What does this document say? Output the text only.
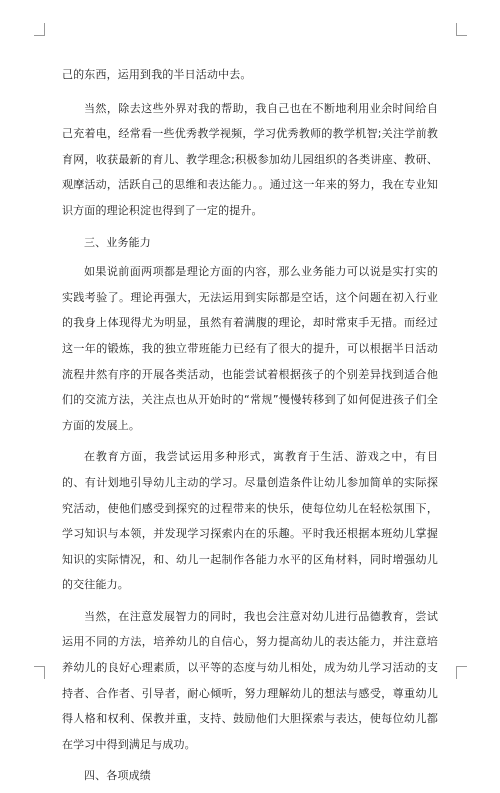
己的东西，运用到我的半日活动中去。

当然，除去这些外界对我的帮助，我自己也在不断地利用业余时间给自己充着电，经常看一些优秀教学视频，学习优秀教师的教学机智;关注学前教育网，收获最新的育儿、教学理念;积极参加幼儿园组织的各类讲座、教研、观摩活动，活跃自己的思维和表达能力。。通过这一年来的努力，我在专业知识方面的理论积淀也得到了一定的提升。

三、业务能力

如果说前面两项都是理论方面的内容，那么业务能力可以说是实打实的实践考验了。理论再强大，无法运用到实际都是空话，这个问题在初入行业的我身上体现得尤为明显，虽然有着满腹的理论，却时常束手无措。而经过这一年的锻炼，我的独立带班能力已经有了很大的提升，可以根据半日活动流程井然有序的开展各类活动，也能尝试着根据孩子的个别差异找到适合他们的交流方法，关注点也从开始时的“常规”慢慢转移到了如何促进孩子们全方面的发展上。

在教育方面，我尝试运用多种形式，寓教育于生活、游戏之中，有目的、有计划地引导幼儿主动的学习。尽量创造条件让幼儿参加简单的实际探究活动，使他们感受到探究的过程带来的快乐，使每位幼儿在轻松氛围下，学习知识与本领，并发现学习探索内在的乐趣。平时我还根据本班幼儿掌握知识的实际情况，和、幼儿一起制作各能力水平的区角材料，同时增强幼儿的交往能力。

当然，在注意发展智力的同时，我也会注意对幼儿进行品德教育，尝试运用不同的方法，培养幼儿的自信心，努力提高幼儿的表达能力，并注意培养幼儿的良好心理素质，以平等的态度与幼儿相处，成为幼儿学习活动的支持者、合作者、引导者，耐心倾听，努力理解幼儿的想法与感受，尊重幼儿得人格和权利、保教并重，支持、鼓励他们大胆探索与表达，使每位幼儿都在学习中得到满足与成功。

四、各项成绩
